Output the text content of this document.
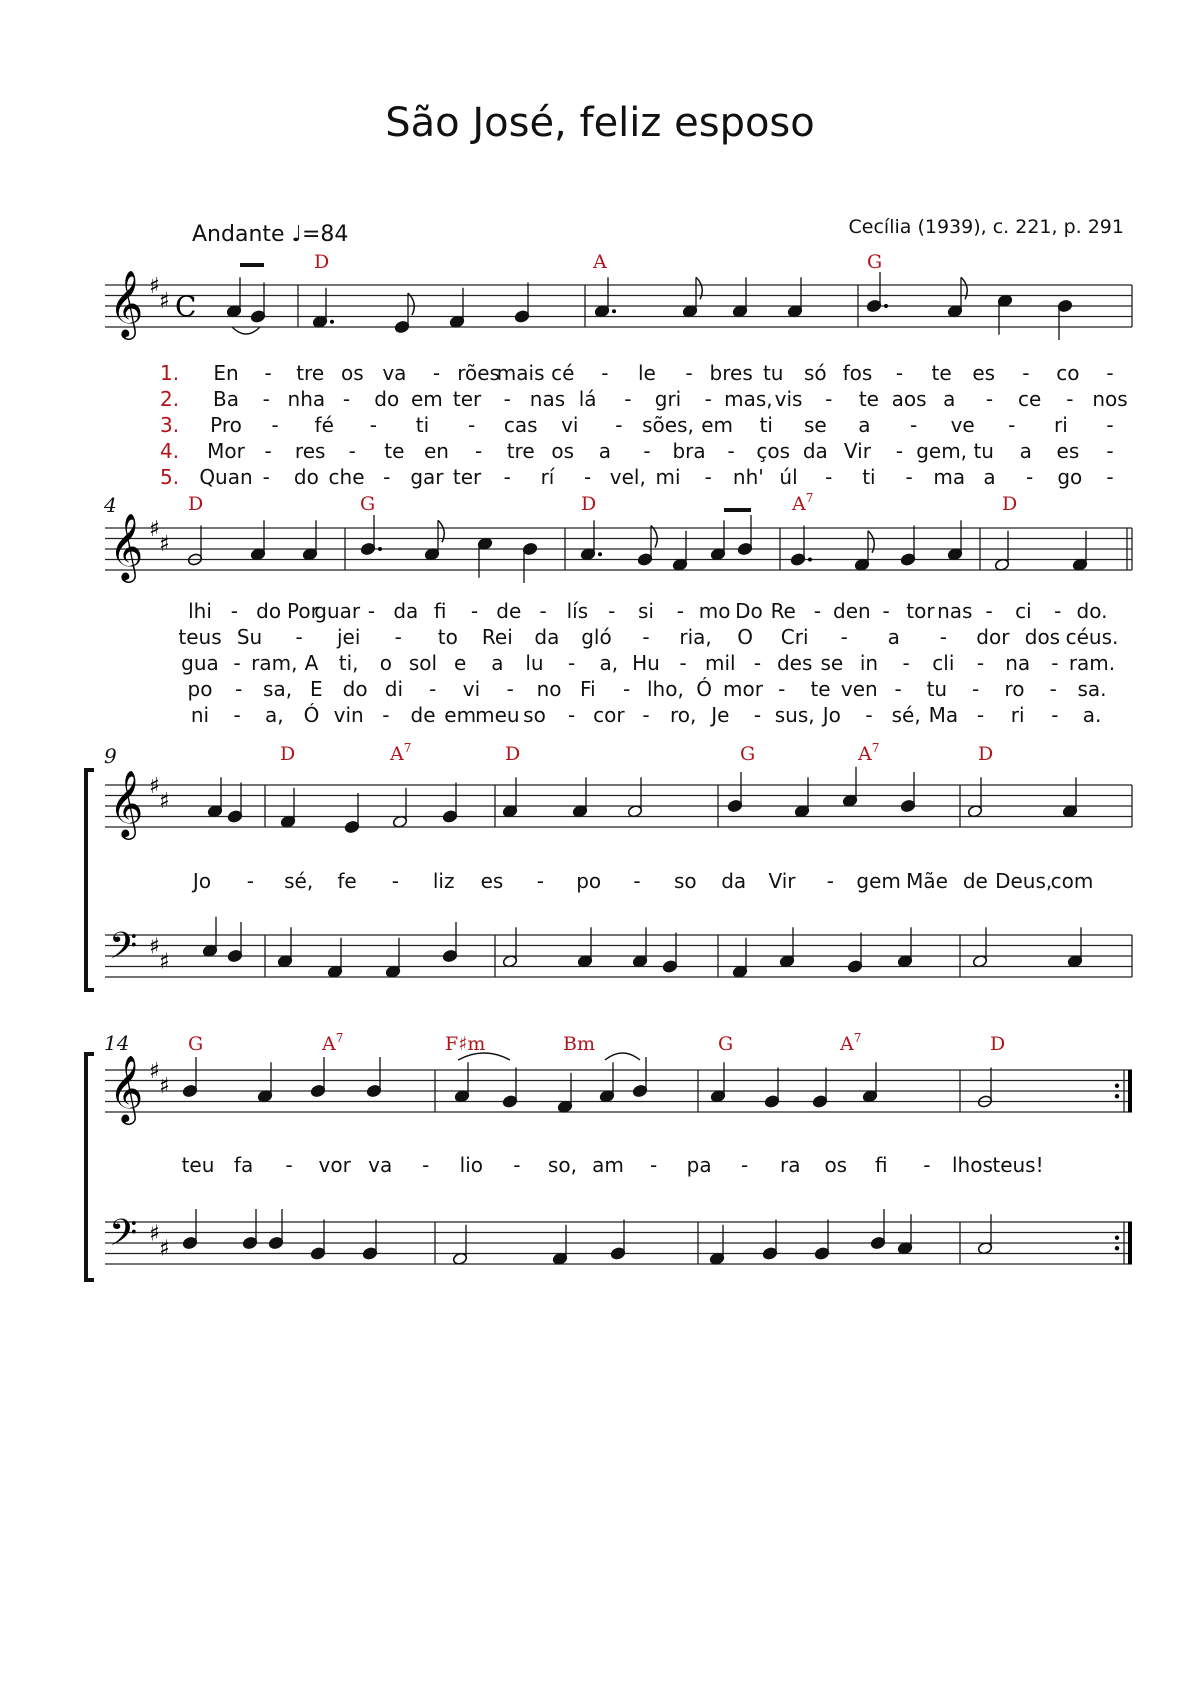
São José, feliz esposo
Andante ♩=84	Cecília (1939), c. 221, p. 291
𝄞 ♯
♯ C
𝄞 ♯
♯
𝄞 ♯
♯
𝄢 ♯
♯
𝄞 ♯
♯
𝄢 ♯
♯
D	A	G
1.
2.
3.
4.
5.
En - tre os va - rões
mais cé - le - bres tu só fos - te es - co -
Ba - nha - do em ter - nas lá - gri - mas, vis - te aos a - ce - nos
Pro - fé - ti - cas vi - sões, em ti se a - ve - ri -
Mor - res - te en - tre os a - bra - ços da Vir - gem, tu a es -
Quan - do che - gar ter - rí - vel, mi - nh' úl - ti - ma a - go -
4	D	G	D	$A^7$	D
lhi - do Por
guar - da fi - de - lís - si - mo Do Re - den - tor nas - ci - do.
teus Su - jei - to Rei da gló - ria, O Cri - a - dor dos céus.
gua - ram, A ti, o sol e a lu - a, Hu - mil - des se in - cli - na - ram.
po - sa, E do di - vi - no Fi - lho, Ó mor - te ven - tu - ro - sa.
ni - a, Ó vin - de em meu so - cor - ro, Je - sus, Jo - sé, Ma - ri - a.
9	D	$A^7$	D	G	$A^7$	D
Jo - sé, fe - liz es - po - so da Vir - gem Mãe de Deus,
com
14	G	$A^7$	F♯m	Bm	G	$A^7$	D
teu fa - vor va - lio - so, am - pa - ra os fi - lhos teus!
